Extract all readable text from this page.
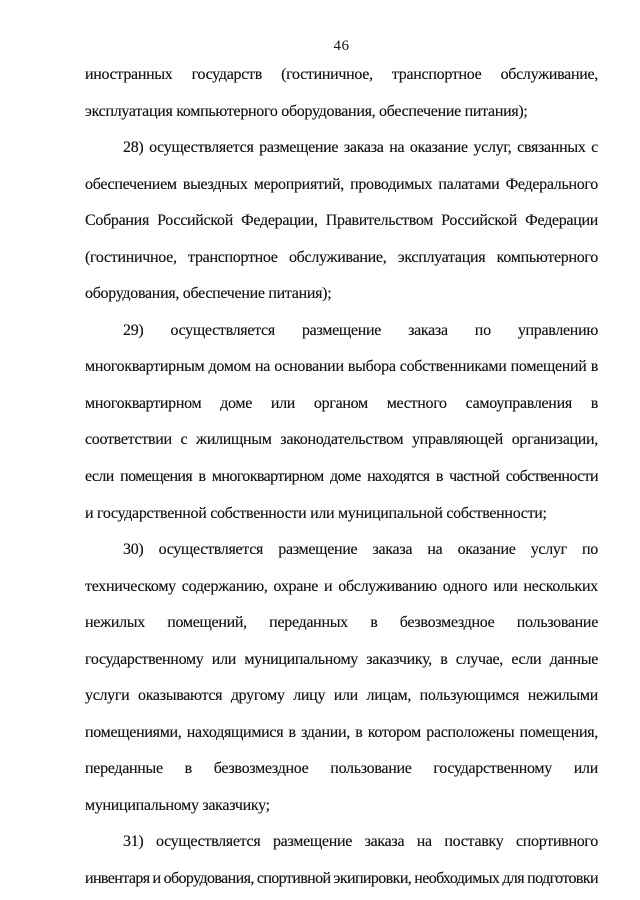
46
иностранных государств (гостиничное, транспортное обслуживание,
эксплуатация компьютерного оборудования, обеспечение питания);
28) осуществляется размещение заказа на оказание услуг, связанных с
обеспечением выездных мероприятий, проводимых палатами Федерального
Собрания Российской Федерации, Правительством Российской Федерации
(гостиничное, транспортное обслуживание, эксплуатация компьютерного
оборудования, обеспечение питания);
29) осуществляется размещение заказа по управлению
многоквартирным домом на основании выбора собственниками помещений в
многоквартирном доме или органом местного самоуправления в
соответствии с жилищным законодательством управляющей организации,
если помещения в многоквартирном доме находятся в частной собственности
и государственной собственности или муниципальной собственности;
30) осуществляется размещение заказа на оказание услуг по
техническому содержанию, охране и обслуживанию одного или нескольких
нежилых помещений, переданных в безвозмездное пользование
государственному или муниципальному заказчику, в случае, если данные
услуги оказываются другому лицу или лицам, пользующимся нежилыми
помещениями, находящимися в здании, в котором расположены помещения,
переданные в безвозмездное пользование государственному или
муниципальному заказчику;
31) осуществляется размещение заказа на поставку спортивного
инвентаря и оборудования, спортивной экипировки, необходимых для подготовки
